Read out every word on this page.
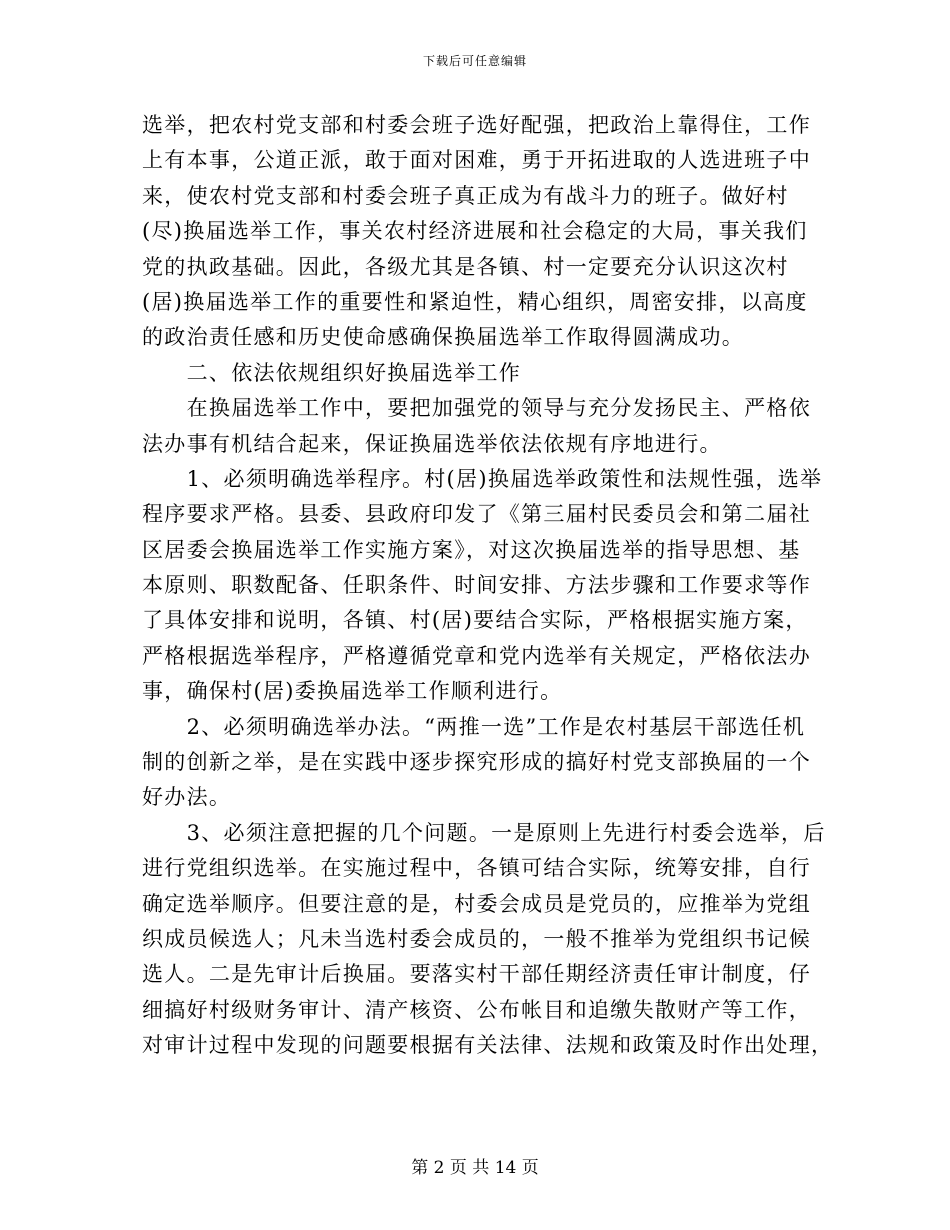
下载后可任意编辑
选举，把农村党支部和村委会班子选好配强，把政治上靠得住，工作
上有本事，公道正派，敢于面对困难，勇于开拓进取的人选进班子中
来，使农村党支部和村委会班子真正成为有战斗力的班子。做好村
(尽)换届选举工作，事关农村经济进展和社会稳定的大局，事关我们
党的执政基础。因此，各级尤其是各镇、村一定要充分认识这次村
(居)换届选举工作的重要性和紧迫性，精心组织，周密安排，以高度
的政治责任感和历史使命感确保换届选举工作取得圆满成功。
　　二、依法依规组织好换届选举工作
　　在换届选举工作中，要把加强党的领导与充分发扬民主、严格依
法办事有机结合起来，保证换届选举依法依规有序地进行。
　　1、必须明确选举程序。村(居)换届选举政策性和法规性强，选举
程序要求严格。县委、县政府印发了《第三届村民委员会和第二届社
区居委会换届选举工作实施方案》，对这次换届选举的指导思想、基
本原则、职数配备、任职条件、时间安排、方法步骤和工作要求等作
了具体安排和说明，各镇、村(居)要结合实际，严格根据实施方案，
严格根据选举程序，严格遵循党章和党内选举有关规定，严格依法办
事，确保村(居)委换届选举工作顺利进行。
　　2、必须明确选举办法。“两推一选”工作是农村基层干部选任机
制的创新之举，是在实践中逐步探究形成的搞好村党支部换届的一个
好办法。
　　3、必须注意把握的几个问题。一是原则上先进行村委会选举，后
进行党组织选举。在实施过程中，各镇可结合实际，统筹安排，自行
确定选举顺序。但要注意的是，村委会成员是党员的，应推举为党组
织成员候选人；凡未当选村委会成员的，一般不推举为党组织书记候
选人。二是先审计后换届。要落实村干部任期经济责任审计制度，仔
细搞好村级财务审计、清产核资、公布帐目和追缴失散财产等工作，
对审计过程中发现的问题要根据有关法律、法规和政策及时作出处理，
第 2 页 共 14 页
